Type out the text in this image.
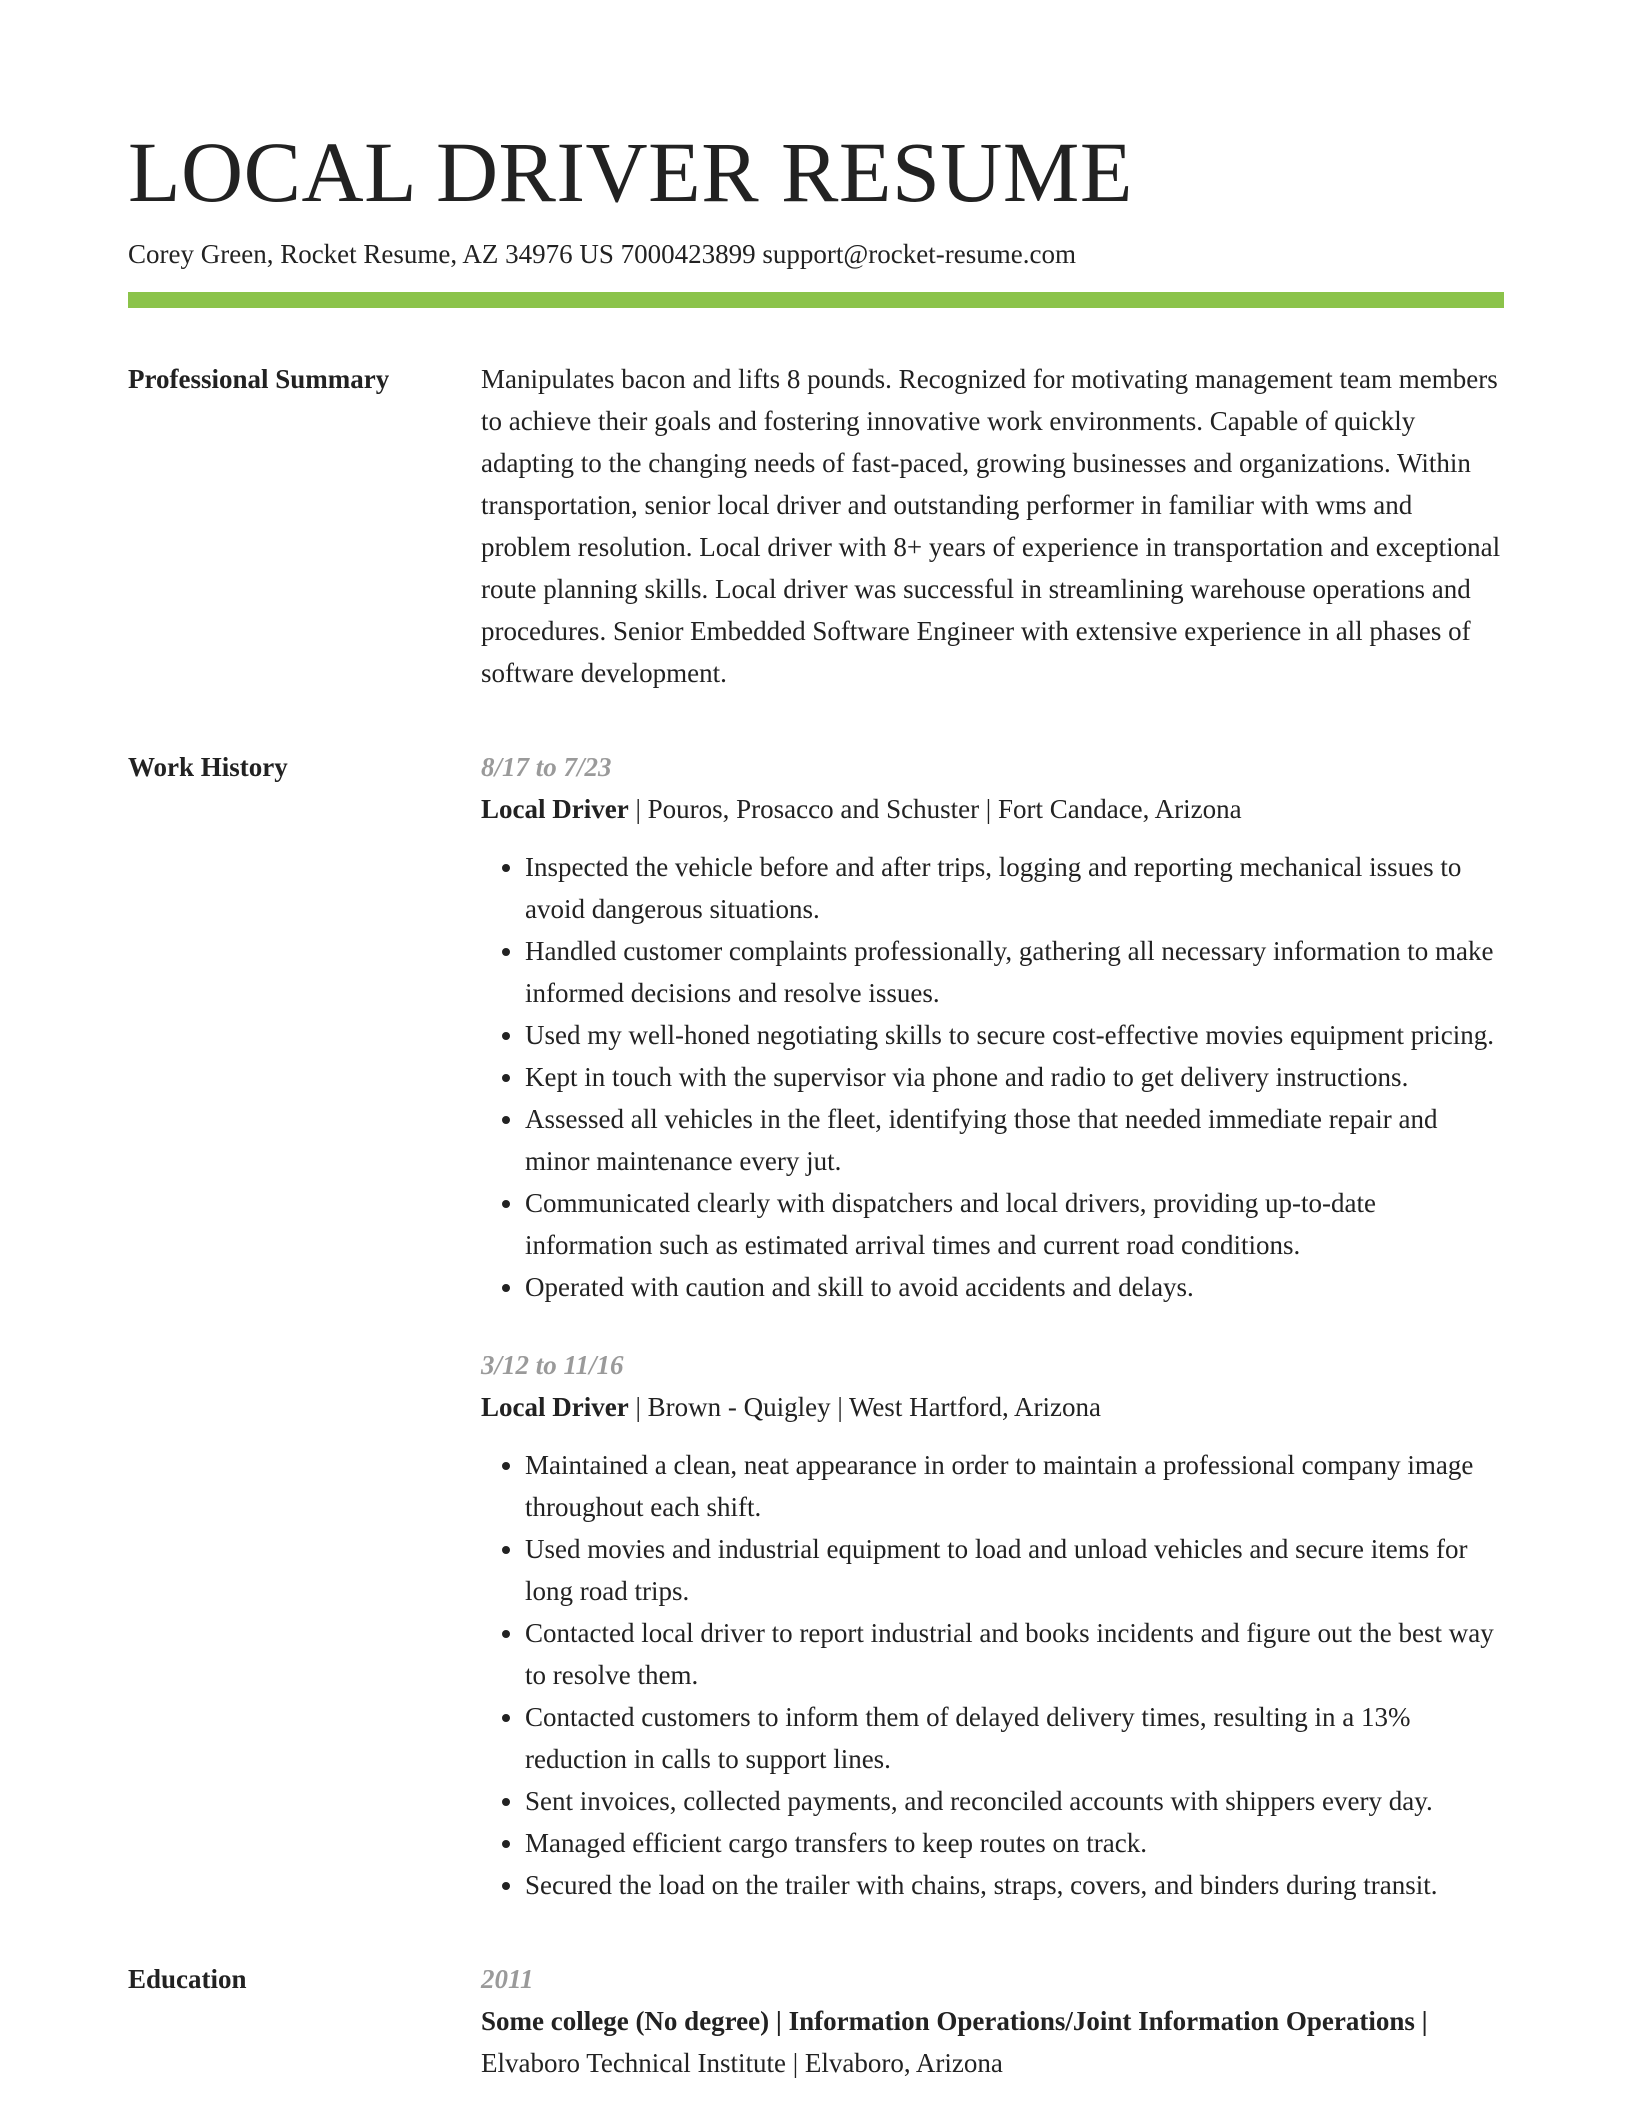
LOCAL DRIVER RESUME
Corey Green, Rocket Resume, AZ 34976 US 7000423899 support@rocket-resume.com
Professional Summary	Manipulates bacon and lifts 8 pounds. Recognized for motivating management team members to achieve their goals and fostering innovative work environments. Capable of quickly adapting to the changing needs of fast-paced, growing businesses and organizations. Within transportation, senior local driver and outstanding performer in familiar with wms and problem resolution. Local driver with 8+ years of experience in transportation and exceptional route planning skills. Local driver was successful in streamlining warehouse operations and procedures. Senior Embedded Software Engineer with extensive experience in all phases of software development.

Work History	8/17 to 7/23
Local Driver | Pouros, Prosacco and Schuster | Fort Candace, Arizona
• Inspected the vehicle before and after trips, logging and reporting mechanical issues to avoid dangerous situations.
• Handled customer complaints professionally, gathering all necessary information to make informed decisions and resolve issues.
• Used my well-honed negotiating skills to secure cost-effective movies equipment pricing.
• Kept in touch with the supervisor via phone and radio to get delivery instructions.
• Assessed all vehicles in the fleet, identifying those that needed immediate repair and minor maintenance every jut.
• Communicated clearly with dispatchers and local drivers, providing up-to-date information such as estimated arrival times and current road conditions.
• Operated with caution and skill to avoid accidents and delays.
3/12 to 11/16
Local Driver | Brown - Quigley | West Hartford, Arizona
• Maintained a clean, neat appearance in order to maintain a professional company image throughout each shift.
• Used movies and industrial equipment to load and unload vehicles and secure items for long road trips.
• Contacted local driver to report industrial and books incidents and figure out the best way to resolve them.
• Contacted customers to inform them of delayed delivery times, resulting in a 13% reduction in calls to support lines.
• Sent invoices, collected payments, and reconciled accounts with shippers every day.
• Managed efficient cargo transfers to keep routes on track.
• Secured the load on the trailer with chains, straps, covers, and binders during transit.
Education	2011
Some college (No degree) | Information Operations/Joint Information Operations |
Elvaboro Technical Institute | Elvaboro, Arizona
